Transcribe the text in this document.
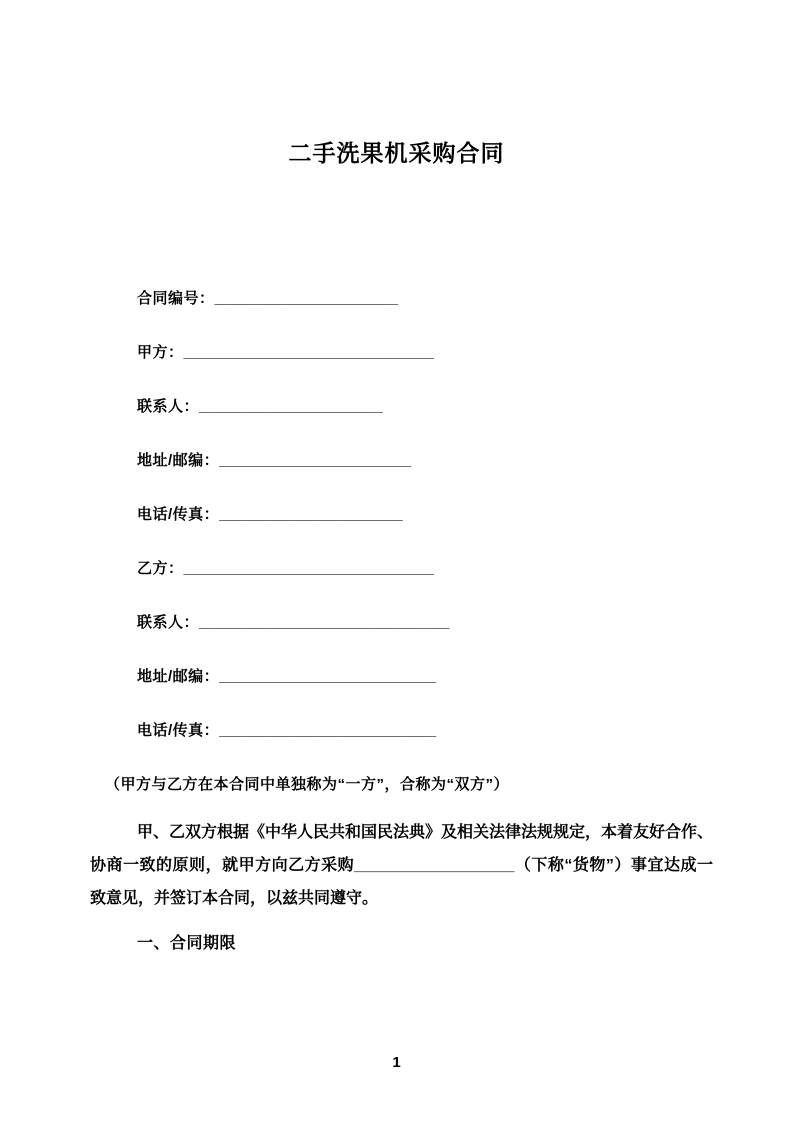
二手洗果机采购合同
合同编号：______________________
甲方：______________________________
联系人：______________________
地址/邮编：_______________________
电话/传真：______________________
乙方：______________________________
联系人：______________________________
地址/邮编：__________________________
电话/传真：__________________________

（甲方与乙方在本合同中单独称为“一方”，合称为“双方”）

甲、乙双方根据《中华人民共和国民法典》及相关法律法规规定，本着友好合作、协商一致的原则，就甲方向乙方采购__________________（下称“货物”）事宜达成一致意见，并签订本合同，以兹共同遵守。

一、合同期限
1
